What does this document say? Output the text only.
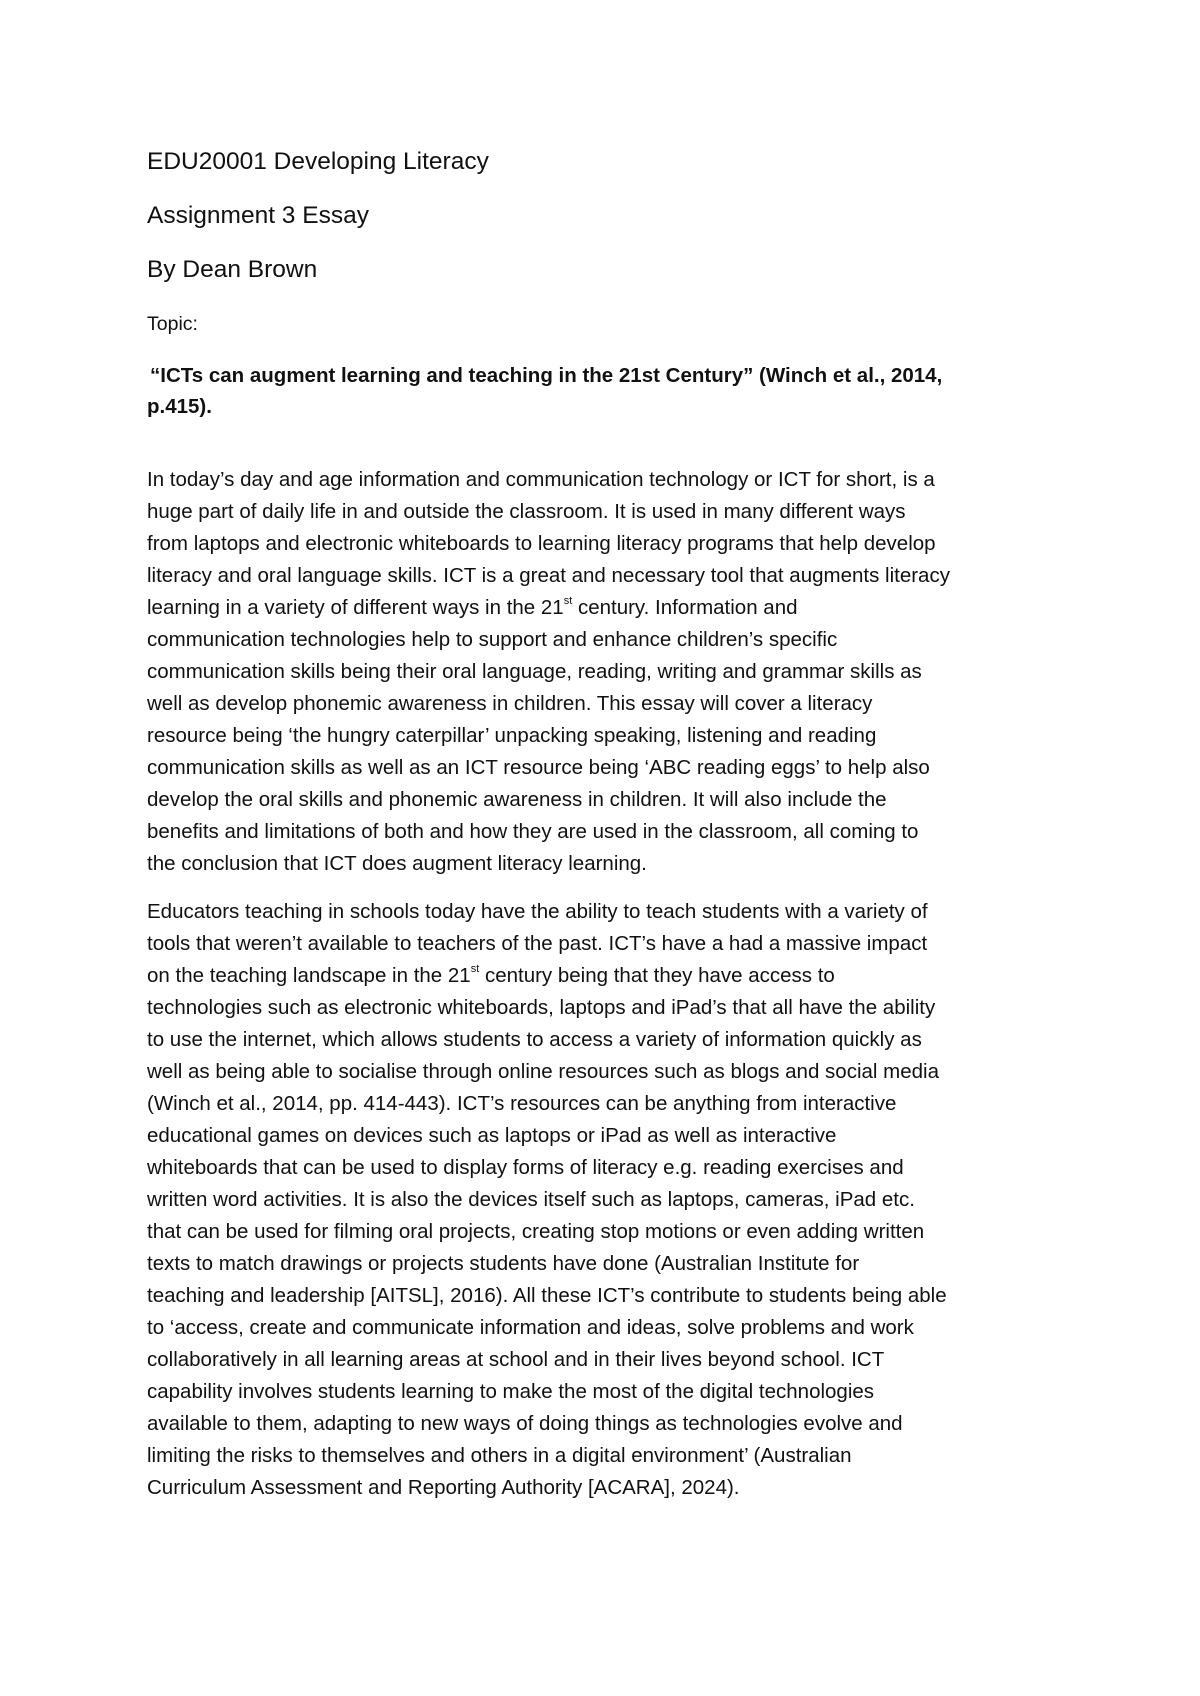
EDU20001 Developing Literacy

Assignment 3 Essay

By Dean Brown

Topic:

“ICTs can augment learning and teaching in the 21st Century” (Winch et al., 2014,
p.415).

In today’s day and age information and communication technology or ICT for short, is a
huge part of daily life in and outside the classroom. It is used in many different ways
from laptops and electronic whiteboards to learning literacy programs that help develop
literacy and oral language skills. ICT is a great and necessary tool that augments literacy
learning in a variety of different ways in the 21st century. Information and
communication technologies help to support and enhance children’s specific
communication skills being their oral language, reading, writing and grammar skills as
well as develop phonemic awareness in children. This essay will cover a literacy
resource being ‘the hungry caterpillar’ unpacking speaking, listening and reading
communication skills as well as an ICT resource being ‘ABC reading eggs’ to help also
develop the oral skills and phonemic awareness in children. It will also include the
benefits and limitations of both and how they are used in the classroom, all coming to
the conclusion that ICT does augment literacy learning.
Educators teaching in schools today have the ability to teach students with a variety of
tools that weren’t available to teachers of the past. ICT’s have a had a massive impact
on the teaching landscape in the 21st century being that they have access to
technologies such as electronic whiteboards, laptops and iPad’s that all have the ability
to use the internet, which allows students to access a variety of information quickly as
well as being able to socialise through online resources such as blogs and social media
(Winch et al., 2014, pp. 414-443). ICT’s resources can be anything from interactive
educational games on devices such as laptops or iPad as well as interactive
whiteboards that can be used to display forms of literacy e.g. reading exercises and
written word activities. It is also the devices itself such as laptops, cameras, iPad etc.
that can be used for filming oral projects, creating stop motions or even adding written
texts to match drawings or projects students have done (Australian Institute for
teaching and leadership [AITSL], 2016). All these ICT’s contribute to students being able
to ‘access, create and communicate information and ideas, solve problems and work
collaboratively in all learning areas at school and in their lives beyond school. ICT
capability involves students learning to make the most of the digital technologies
available to them, adapting to new ways of doing things as technologies evolve and
limiting the risks to themselves and others in a digital environment’ (Australian
Curriculum Assessment and Reporting Authority [ACARA], 2024).
